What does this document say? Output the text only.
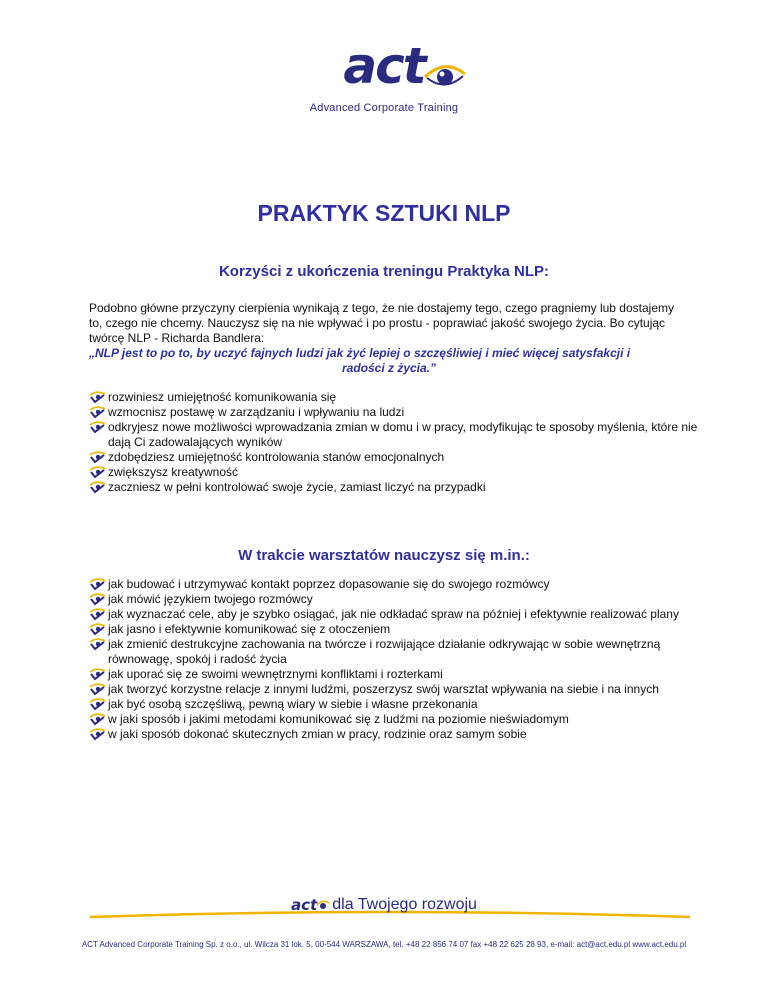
act
Advanced Corporate Training
PRAKTYK SZTUKI NLP
Korzyści z ukończenia treningu Praktyka NLP:
Podobno główne przyczyny cierpienia wynikają z tego, że nie dostajemy tego, czego pragniemy lub dostajemy to, czego nie chcemy. Nauczysz się na nie wpływać i po prostu - poprawiać jakość swojego życia. Bo cytując twórcę NLP - Richarda Bandlera:
„NLP jest to po to, by uczyć fajnych ludzi jak żyć lepiej o szczęśliwiej i mieć więcej satysfakcji i
radości z życia.”
rozwiniesz umiejętność komunikowania się
wzmocnisz postawę w zarządzaniu i wpływaniu na ludzi
odkryjesz nowe możliwości wprowadzania zmian w domu i w pracy, modyfikując te sposoby myślenia, które nie dają Ci zadowalających wyników
zdobędziesz umiejętność kontrolowania stanów emocjonalnych
zwiększysz kreatywność
zaczniesz w pełni kontrolować swoje życie, zamiast liczyć na przypadki
W trakcie warsztatów nauczysz się m.in.:
jak budować i utrzymywać kontakt poprzez dopasowanie się do swojego rozmówcy
jak mówić językiem twojego rozmówcy
jak wyznaczać cele, aby je szybko osiągać, jak nie odkładać spraw na później i efektywnie realizować plany
jak jasno i efektywnie komunikować się z otoczeniem
jak zmienić destrukcyjne zachowania na twórcze i rozwijające działanie odkrywając w sobie wewnętrzną równowagę, spokój i radość życia
jak uporać się ze swoimi wewnętrznymi konfliktami i rozterkami
jak tworzyć korzystne relacje z innymi ludźmi, poszerzysz swój warsztat wpływania na siebie i na innych
jak być osobą szczęśliwą, pewną wiary w siebie i własne przekonania
w jaki sposób i jakimi metodami komunikować się z ludźmi na poziomie nieświadomym
w jaki sposób dokonać skutecznych zmian w pracy, rodzinie oraz samym sobie
act dla Twojego rozwoju
ACT Advanced Corporate Training Sp. z o.o., ul. Wilcza 31 lok. 5, 00-544 WARSZAWA, tel. +48 22 856 74 07 fax +48 22 625 28 93, e-mail: act@act.edu.pl www.act.edu.pl
